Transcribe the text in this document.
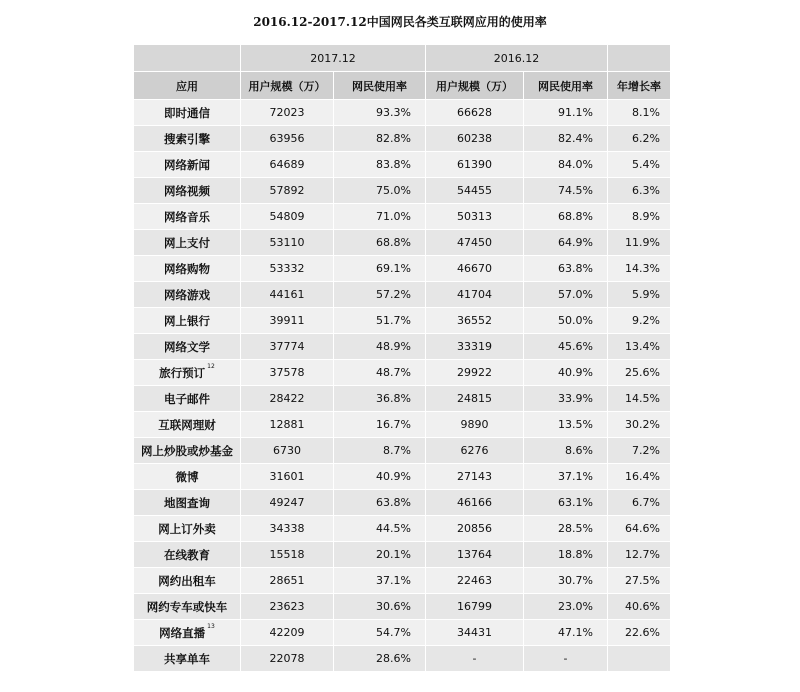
2016.12-2017.12中国网民各类互联网应用的使用率
	2017.12		2016.12		
应用	用户规模（万）	网民使用率	用户规模（万）	网民使用率	年增长率
即时通信	72023	93.3%	66628	91.1%	8.1%
搜索引擎	63956	82.8%	60238	82.4%	6.2%
网络新闻	64689	83.8%	61390	84.0%	5.4%
网络视频	57892	75.0%	54455	74.5%	6.3%
网络音乐	54809	71.0%	50313	68.8%	8.9%
网上支付	53110	68.8%	47450	64.9%	11.9%
网络购物	53332	69.1%	46670	63.8%	14.3%
网络游戏	44161	57.2%	41704	57.0%	5.9%
网上银行	39911	51.7%	36552	50.0%	9.2%
网络文学	37774	48.9%	33319	45.6%	13.4%
旅行预订 $^{12}$	37578	48.7%	29922	40.9%	25.6%
电子邮件	28422	36.8%	24815	33.9%	14.5%
互联网理财	12881	16.7%	9890	13.5%	30.2%
网上炒股或炒基金	6730	8.7%	6276	8.6%	7.2%
微博	31601	40.9%	27143	37.1%	16.4%
地图查询	49247	63.8%	46166	63.1%	6.7%
网上订外卖	34338	44.5%	20856	28.5%	64.6%
在线教育	15518	20.1%	13764	18.8%	12.7%
网约出租车	28651	37.1%	22463	30.7%	27.5%
网约专车或快车	23623	30.6%	16799	23.0%	40.6%
网络直播 $^{13}$	42209	54.7%	34431	47.1%	22.6%
共享单车	22078	28.6%	-	-	
